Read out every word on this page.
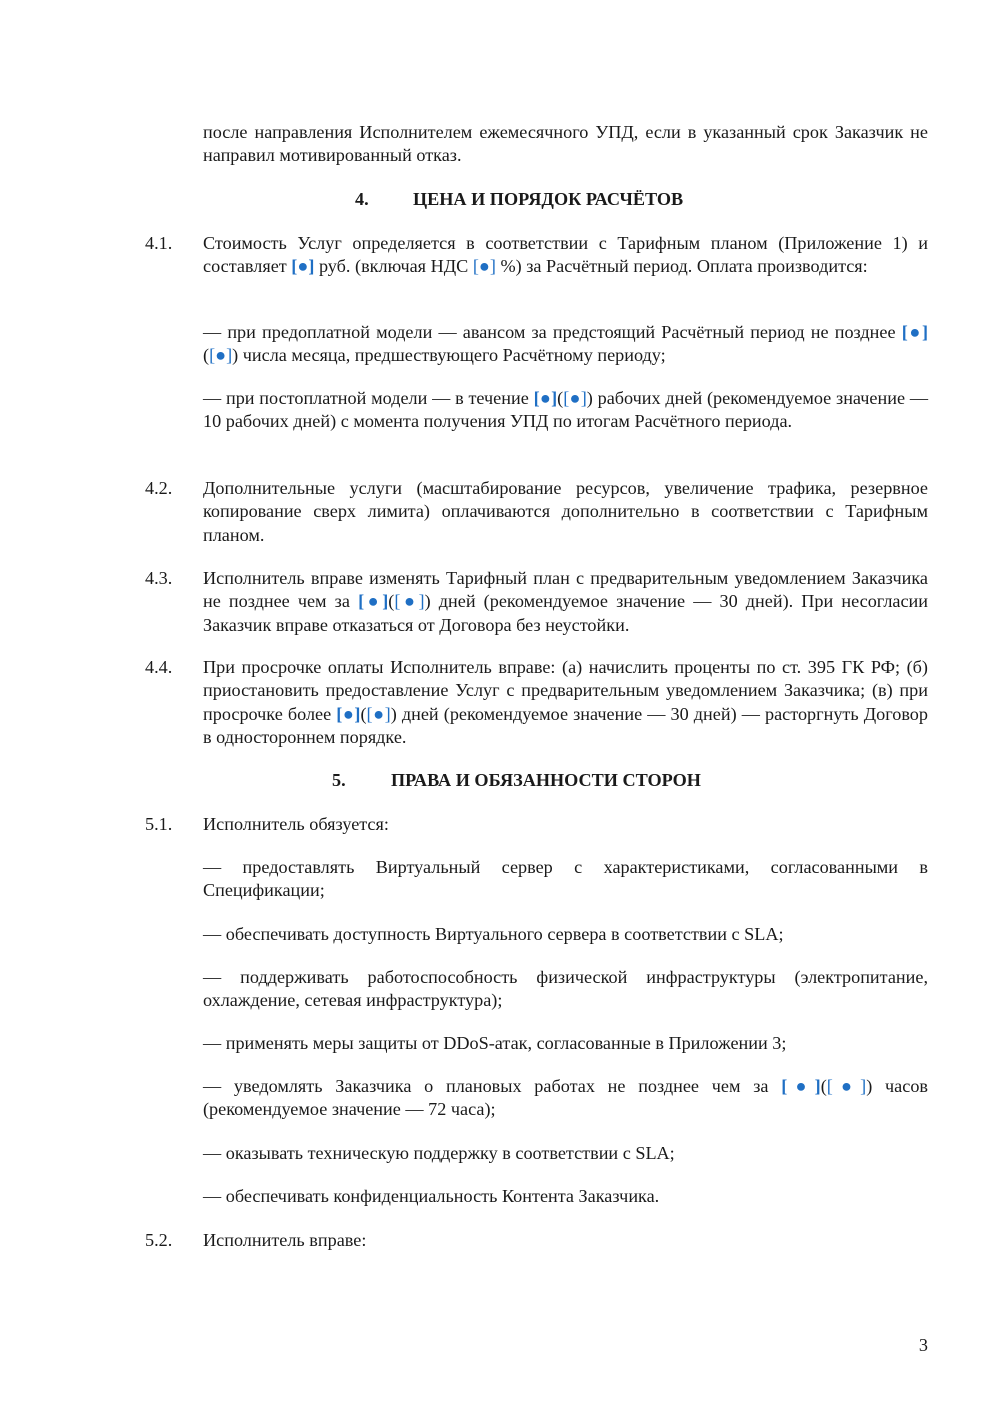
после направления Исполнителем ежемесячного УПД, если в указанный срок Заказчик не направил мотивированный отказ.

4. ЦЕНА И ПОРЯДОК РАСЧЁТОВ
4.1. Стоимость Услуг определяется в соответствии с Тарифным планом (Приложение 1) и составляет [●] руб. (включая НДС [●] %) за Расчётный период. Оплата производится:

— при предоплатной модели — авансом за предстоящий Расчётный период не позднее [●]([●]) числа месяца, предшествующего Расчётному периоду;

— при постоплатной модели — в течение [●]([●]) рабочих дней (рекомендуемое значение — 10 рабочих дней) с момента получения УПД по итогам Расчётного периода.

4.2. Дополнительные услуги (масштабирование ресурсов, увеличение трафика, резервное копирование сверх лимита) оплачиваются дополнительно в соответствии с Тарифным планом.

4.3. Исполнитель вправе изменять Тарифный план с предварительным уведомлением Заказчика не позднее чем за [●]([●]) дней (рекомендуемое значение — 30 дней). При несогласии Заказчик вправе отказаться от Договора без неустойки.

4.4. При просрочке оплаты Исполнитель вправе: (а) начислить проценты по ст. 395 ГК РФ; (б) приостановить предоставление Услуг с предварительным уведомлением Заказчика; (в) при просрочке более [●]([●]) дней (рекомендуемое значение — 30 дней) — расторгнуть Договор в одностороннем порядке.

5. ПРАВА И ОБЯЗАННОСТИ СТОРОН
5.1. Исполнитель обязуется:

— предоставлять Виртуальный сервер с характеристиками, согласованными в Спецификации;

— обеспечивать доступность Виртуального сервера в соответствии с SLA;

— поддерживать работоспособность физической инфраструктуры (электропитание, охлаждение, сетевая инфраструктура);

— применять меры защиты от DDoS-атак, согласованные в Приложении 3;

— уведомлять Заказчика о плановых работах не позднее чем за [●]([●]) часов (рекомендуемое значение — 72 часа);

— оказывать техническую поддержку в соответствии с SLA;

— обеспечивать конфиденциальность Контента Заказчика.

5.2. Исполнитель вправе:

3
